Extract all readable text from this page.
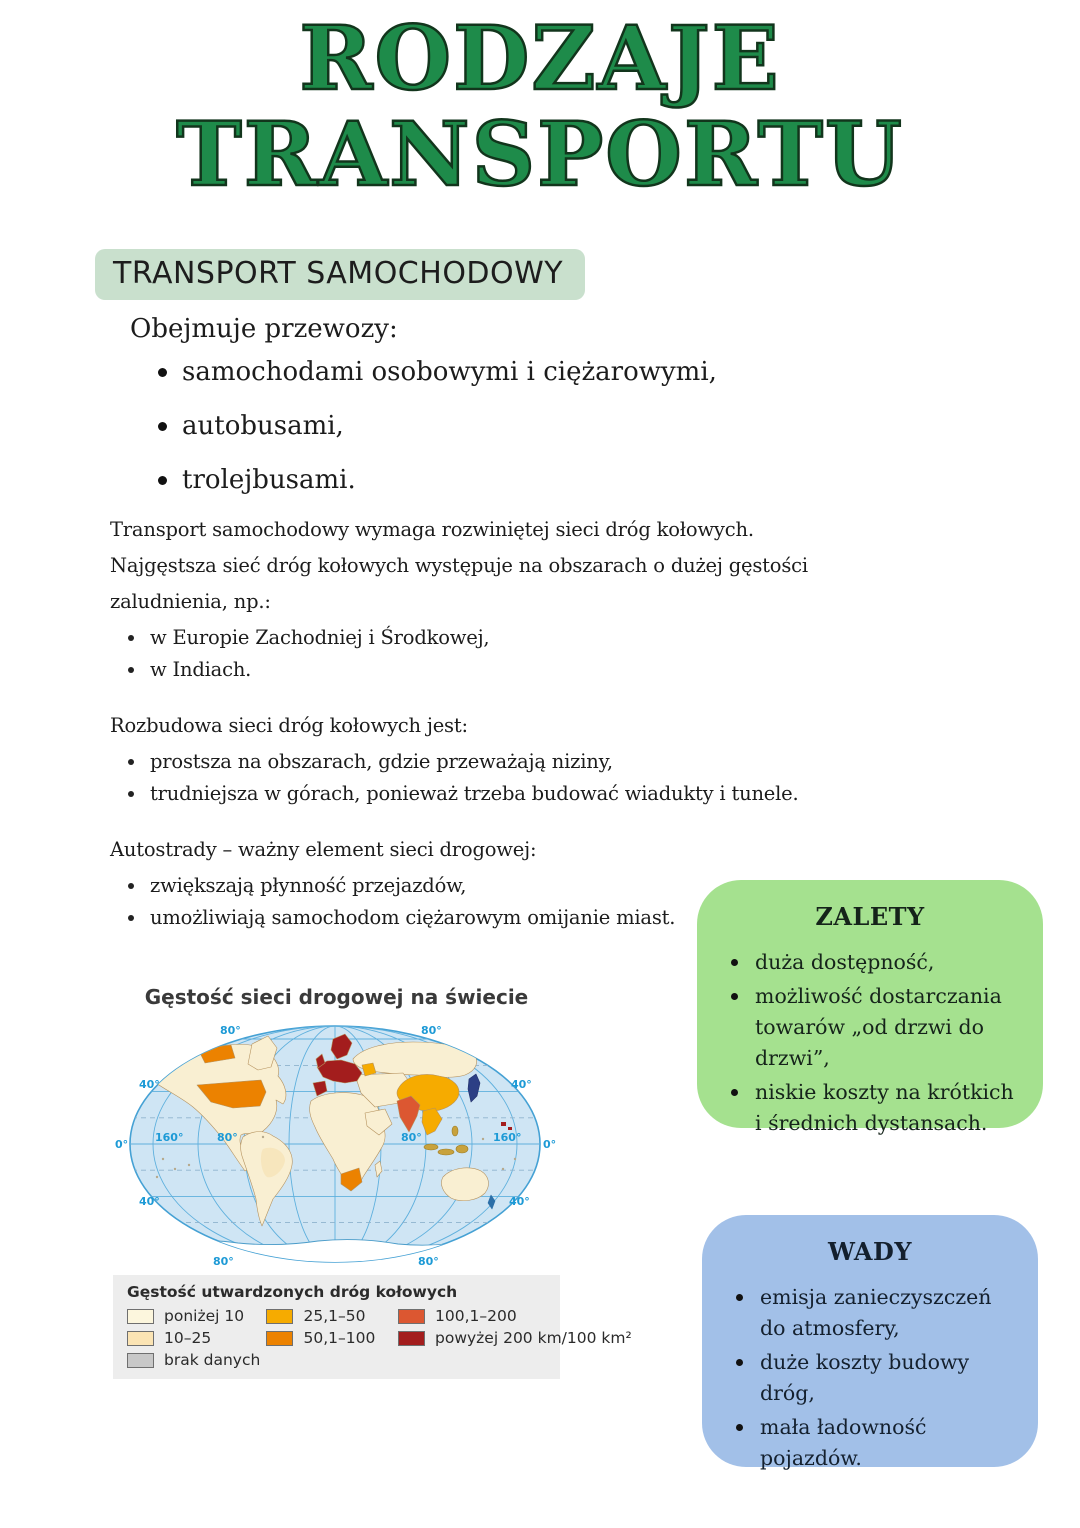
RODZAJE
TRANSPORTU
TRANSPORT SAMOCHODOWY

Obejmuje przewozy:

samochodami osobowymi i ciężarowymi,
autobusami,
trolejbusami.

Transport samochodowy wymaga rozwiniętej sieci dróg kołowych.

Najgęstsza sieć dróg kołowych występuje na obszarach o dużej gęstości zaludnienia, np.:

w Europie Zachodniej i Środkowej,
w Indiach.

Rozbudowa sieci dróg kołowych jest:

prostsza na obszarach, gdzie przeważają niziny,
trudniejsza w górach, ponieważ trzeba budować wiadukty i tunele.

Autostrady – ważny element sieci drogowej:

zwiększają płynność przejazdów,
umożliwiają samochodom ciężarowym omijanie miast.	ZALETY
duża dostępność,
możliwość dostarczania towarów „od drzwi do drzwi”,
niskie koszty na krótkich i średnich dystansach.
WADY
emisja zanieczyszczeń do atmosfery,
duże koszty budowy dróg,
mała ładowność pojazdów.
Gęstość sieci drogowej na świecie
80°	80°
40°	40°
0°
160°	80°	80°	160°
0°
40°	40°
80°	80°
Gęstość utwardzonych dróg kołowych
poniżej 10
10–25
brak danych
25,1–50
50,1–100
100,1–200
powyżej 200 km/100 km²
